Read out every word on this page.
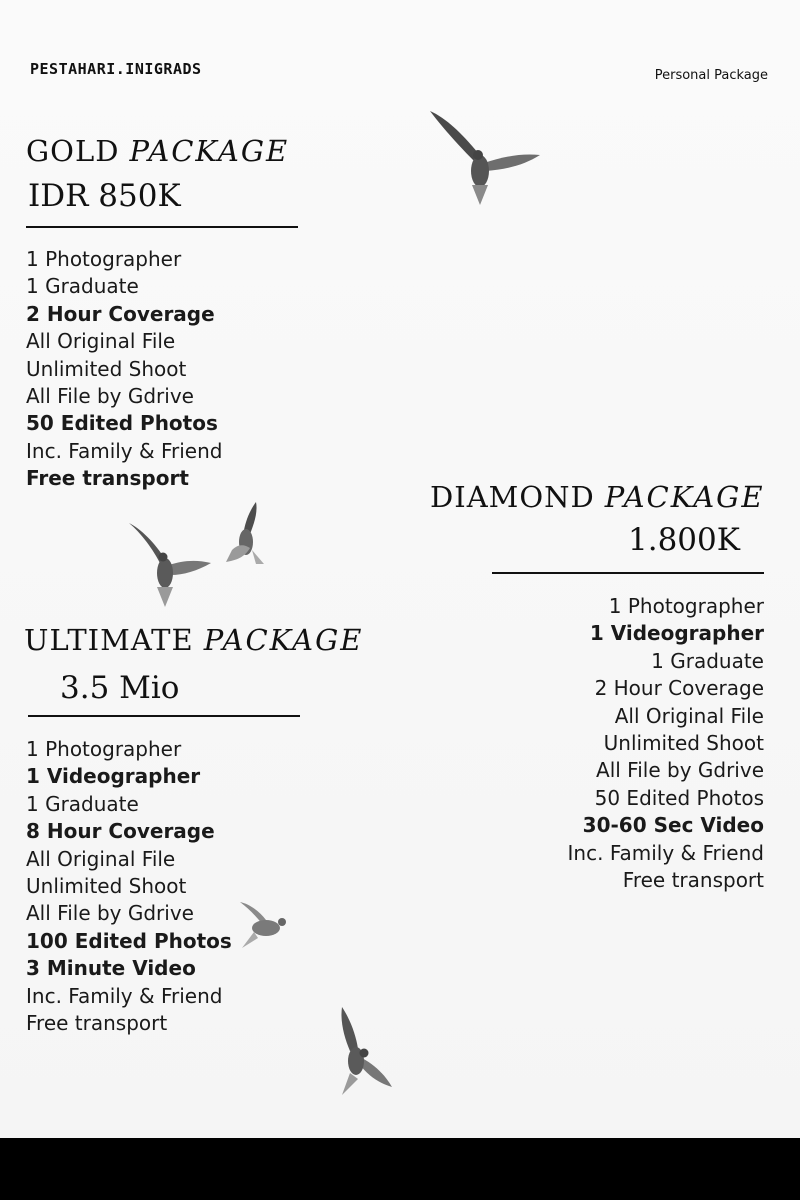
PESTAHARI.INIGRADS	Personal Package
GOLD PACKAGE
IDR 850K
1 Photographer
1 Graduate
2 Hour Coverage
All Original File
Unlimited Shoot
All File by Gdrive
50 Edited Photos
Inc. Family & Friend
Free transport
DIAMOND PACKAGE
1.800K
1 Photographer
1 Videographer
1 Graduate
2 Hour Coverage
All Original File
Unlimited Shoot
All File by Gdrive
50 Edited Photos
30-60 Sec Video
Inc. Family & Friend
Free transport
ULTIMATE PACKAGE
3.5 Mio
1 Photographer
1 Videographer
1 Graduate
8 Hour Coverage
All Original File
Unlimited Shoot
All File by Gdrive
100 Edited Photos
3 Minute Video
Inc. Family & Friend
Free transport
